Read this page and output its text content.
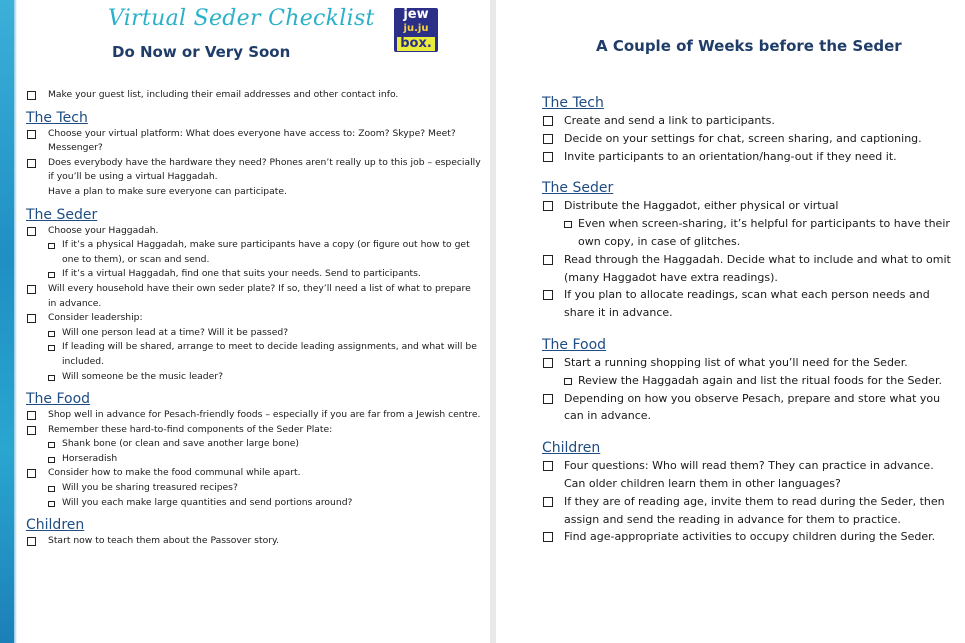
Virtual Seder Checklist
Do Now or Very Soon
jew
ju.ju
box.
Make your guest list, including their email addresses and other contact info.
The Tech
Choose your virtual platform: What does everyone have access to: Zoom? Skype? Meet? Messenger?
Does everybody have the hardware they need? Phones aren’t really up to this job – especially if you’ll be using a virtual Haggadah.
Have a plan to make sure everyone can participate.
The Seder
Choose your Haggadah.
If it’s a physical Haggadah, make sure participants have a copy (or figure out how to get one to them), or scan and send.
If it’s a virtual Haggadah, find one that suits your needs. Send to participants.
Will every household have their own seder plate? If so, they’ll need a list of what to prepare in advance.
Consider leadership:
Will one person lead at a time? Will it be passed?
If leading will be shared, arrange to meet to decide leading assignments, and what will be included.
Will someone be the music leader?
The Food
Shop well in advance for Pesach-friendly foods – especially if you are far from a Jewish centre.
Remember these hard-to-find components of the Seder Plate:
Shank bone (or clean and save another large bone)
Horseradish
Consider how to make the food communal while apart.
Will you be sharing treasured recipes?
Will you each make large quantities and send portions around?
Children
Start now to teach them about the Passover story.
A Couple of Weeks before the Seder
The Tech
Create and send a link to participants.
Decide on your settings for chat, screen sharing, and captioning.
Invite participants to an orientation/hang-out if they need it.
The Seder
Distribute the Haggadot, either physical or virtual
Even when screen-sharing, it’s helpful for participants to have their own copy, in case of glitches.
Read through the Haggadah. Decide what to include and what to omit (many Haggadot have extra readings).
If you plan to allocate readings, scan what each person needs and share it in advance.
The Food
Start a running shopping list of what you’ll need for the Seder.
Review the Haggadah again and list the ritual foods for the Seder.
Depending on how you observe Pesach, prepare and store what you can in advance.
Children
Four questions: Who will read them? They can practice in advance. Can older children learn them in other languages?
If they are of reading age, invite them to read during the Seder, then assign and send the reading in advance for them to practice.
Find age-appropriate activities to occupy children during the Seder.
